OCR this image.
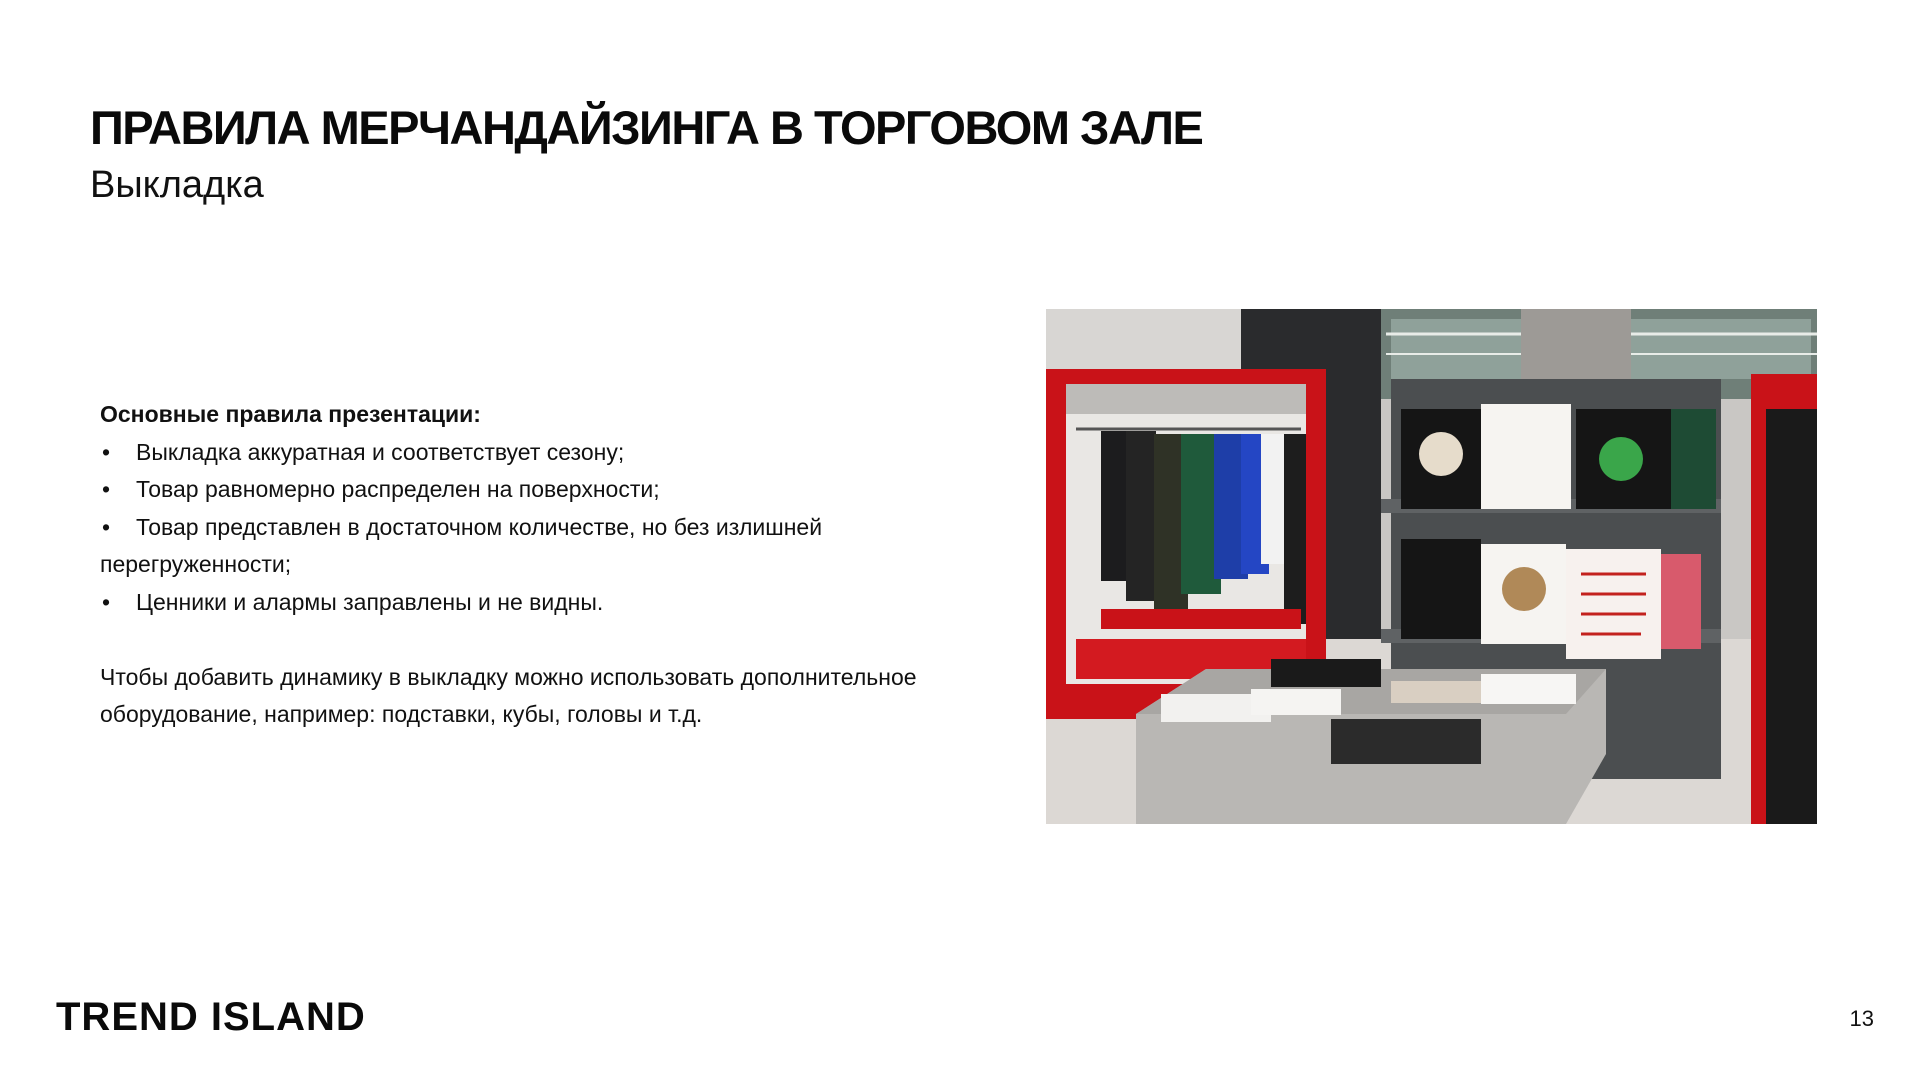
ПРАВИЛА МЕРЧАНДАЙЗИНГА В ТОРГОВОМ ЗАЛЕ
Выкладка
Основные правила презентации:
• Выкладка аккуратная и соответствует сезону;
• Товар равномерно распределен на поверхности;
• Товар представлен в достаточном количестве, но без излишней перегруженности;
• Ценники и алармы заправлены и не видны.
Чтобы добавить динамику в выкладку можно использовать дополнительное оборудование, например: подставки, кубы, головы и т.д.
TREND ISLAND	13
